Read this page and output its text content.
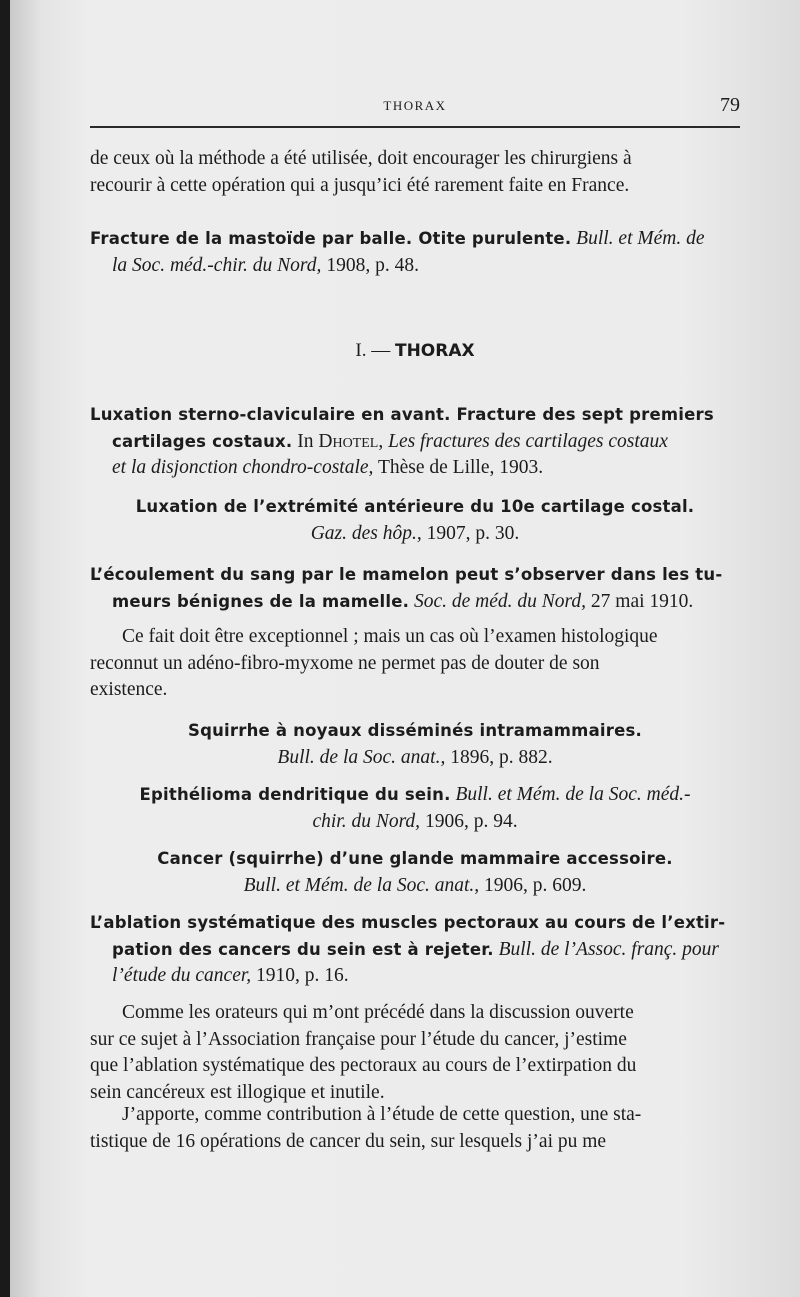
THORAX	79
de ceux où la méthode a été utilisée, doit encourager les chirurgiens à
recourir à cette opération qui a jusqu’ici été rarement faite en France.
Fracture de la mastoïde par balle. Otite purulente. Bull. et Mém. de
la Soc. méd.-chir. du Nord, 1908, p. 48.
I. — THORAX
Luxation sterno-claviculaire en avant. Fracture des sept premiers
cartilages costaux. In Dhotel, Les fractures des cartilages costaux
et la disjonction chondro-costale, Thèse de Lille, 1903.
Luxation de l’extrémité antérieure du 10e cartilage costal.
Gaz. des hôp., 1907, p. 30.
L’écoulement du sang par le mamelon peut s’observer dans les tu-
meurs bénignes de la mamelle. Soc. de méd. du Nord, 27 mai 1910.
Ce fait doit être exceptionnel ; mais un cas où l’examen histologique
reconnut un adéno-fibro-myxome ne permet pas de douter de son
existence.
Squirrhe à noyaux disséminés intramammaires.
Bull. de la Soc. anat., 1896, p. 882.
Epithélioma dendritique du sein. Bull. et Mém. de la Soc. méd.-
chir. du Nord, 1906, p. 94.
Cancer (squirrhe) d’une glande mammaire accessoire.
Bull. et Mém. de la Soc. anat., 1906, p. 609.
L’ablation systématique des muscles pectoraux au cours de l’extir-
pation des cancers du sein est à rejeter. Bull. de l’Assoc. franç. pour
l’étude du cancer, 1910, p. 16.
Comme les orateurs qui m’ont précédé dans la discussion ouverte
sur ce sujet à l’Association française pour l’étude du cancer, j’estime
que l’ablation systématique des pectoraux au cours de l’extirpation du
sein cancéreux est illogique et inutile.
J’apporte, comme contribution à l’étude de cette question, une sta-
tistique de 16 opérations de cancer du sein, sur lesquels j’ai pu me
